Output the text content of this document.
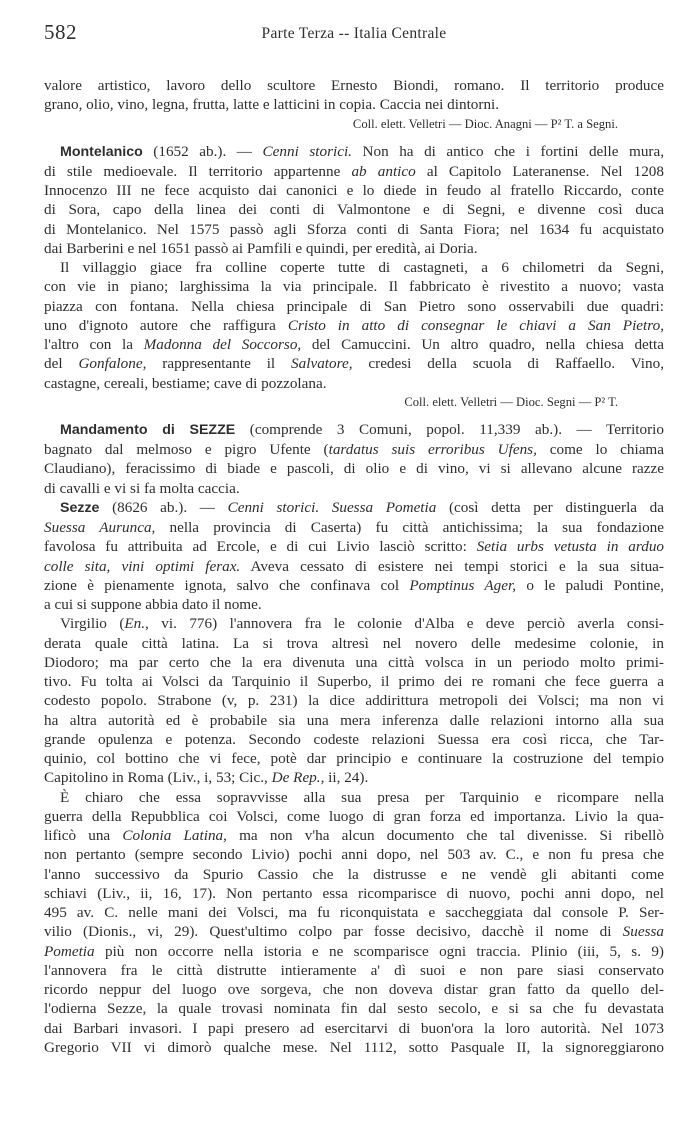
582	Parte Terza -- Italia Centrale
valore artistico, lavoro dello scultore Ernesto Biondi, romano. Il territorio produce
grano, olio, vino, legna, frutta, latte e latticini in copia. Caccia nei dintorni.
Coll. elett. Velletri — Dioc. Anagni — P² T. a Segni.
Montelanico (1652 ab.). — Cenni storici. Non ha di antico che i fortini delle mura,
di stile medioevale. Il territorio appartenne ab antico al Capitolo Lateranense. Nel 1208
Innocenzo III ne fece acquisto dai canonici e lo diede in feudo al fratello Riccardo, conte
di Sora, capo della linea dei conti di Valmontone e di Segni, e divenne così duca
di Montelanico. Nel 1575 passò agli Sforza conti di Santa Fiora; nel 1634 fu acquistato
dai Barberini e nel 1651 passò ai Pamfili e quindi, per eredità, ai Doria.
Il villaggio giace fra colline coperte tutte di castagneti, a 6 chilometri da Segni,
con vie in piano; larghissima la via principale. Il fabbricato è rivestito a nuovo; vasta
piazza con fontana. Nella chiesa principale di San Pietro sono osservabili due quadri:
uno d'ignoto autore che raffigura Cristo in atto di consegnar le chiavi a San Pietro,
l'altro con la Madonna del Soccorso, del Camuccini. Un altro quadro, nella chiesa detta
del Gonfalone, rappresentante il Salvatore, credesi della scuola di Raffaello. Vino,
castagne, cereali, bestiame; cave di pozzolana.
Coll. elett. Velletri — Dioc. Segni — P² T.
Mandamento di SEZZE (comprende 3 Comuni, popol. 11,339 ab.). — Territorio
bagnato dal melmoso e pigro Ufente (tardatus suis erroribus Ufens, come lo chiama
Claudiano), feracissimo di biade e pascoli, di olio e di vino, vi si allevano alcune razze
di cavalli e vi si fa molta caccia.
Sezze (8626 ab.). — Cenni storici. Suessa Pometia (così detta per distinguerla da
Suessa Aurunca, nella provincia di Caserta) fu città antichissima; la sua fondazione
favolosa fu attribuita ad Ercole, e di cui Livio lasciò scritto: Setia urbs vetusta in arduo
colle sita, vini optimi ferax. Aveva cessato di esistere nei tempi storici e la sua situa-
zione è pienamente ignota, salvo che confinava col Pomptinus Ager, o le paludi Pontine,
a cui si suppone abbia dato il nome.
Virgilio (En., vi. 776) l'annovera fra le colonie d'Alba e deve perciò averla consi-
derata quale città latina. La si trova altresì nel novero delle medesime colonie, in
Diodoro; ma par certo che la era divenuta una città volsca in un periodo molto primi-
tivo. Fu tolta ai Volsci da Tarquinio il Superbo, il primo dei re romani che fece guerra a
codesto popolo. Strabone (v, p. 231) la dice addirittura metropoli dei Volsci; ma non vi
ha altra autorità ed è probabile sia una mera inferenza dalle relazioni intorno alla sua
grande opulenza e potenza. Secondo codeste relazioni Suessa era così ricca, che Tar-
quinio, col bottino che vi fece, potè dar principio e continuare la costruzione del tempio
Capitolino in Roma (Liv., i, 53; Cic., De Rep., ii, 24).
È chiaro che essa sopravvisse alla sua presa per Tarquinio e ricompare nella
guerra della Repubblica coi Volsci, come luogo di gran forza ed importanza. Livio la qua-
lificò una Colonia Latina, ma non v'ha alcun documento che tal divenisse. Si ribellò
non pertanto (sempre secondo Livio) pochi anni dopo, nel 503 av. C., e non fu presa che
l'anno successivo da Spurio Cassio che la distrusse e ne vendè gli abitanti come
schiavi (Liv., ii, 16, 17). Non pertanto essa ricomparisce di nuovo, pochi anni dopo, nel
495 av. C. nelle mani dei Volsci, ma fu riconquistata e saccheggiata dal console P. Ser-
vilio (Dionis., vi, 29). Quest'ultimo colpo par fosse decisivo, dacchè il nome di Suessa
Pometia più non occorre nella istoria e ne scomparisce ogni traccia. Plinio (iii, 5, s. 9)
l'annovera fra le città distrutte intieramente a' dì suoi e non pare siasi conservato
ricordo neppur del luogo ove sorgeva, che non doveva distar gran fatto da quello del-
l'odierna Sezze, la quale trovasi nominata fin dal sesto secolo, e si sa che fu devastata
dai Barbari invasori. I papi presero ad esercitarvi di buon'ora la loro autorità. Nel 1073
Gregorio VII vi dimorò qualche mese. Nel 1112, sotto Pasquale II, la signoreggiarono
